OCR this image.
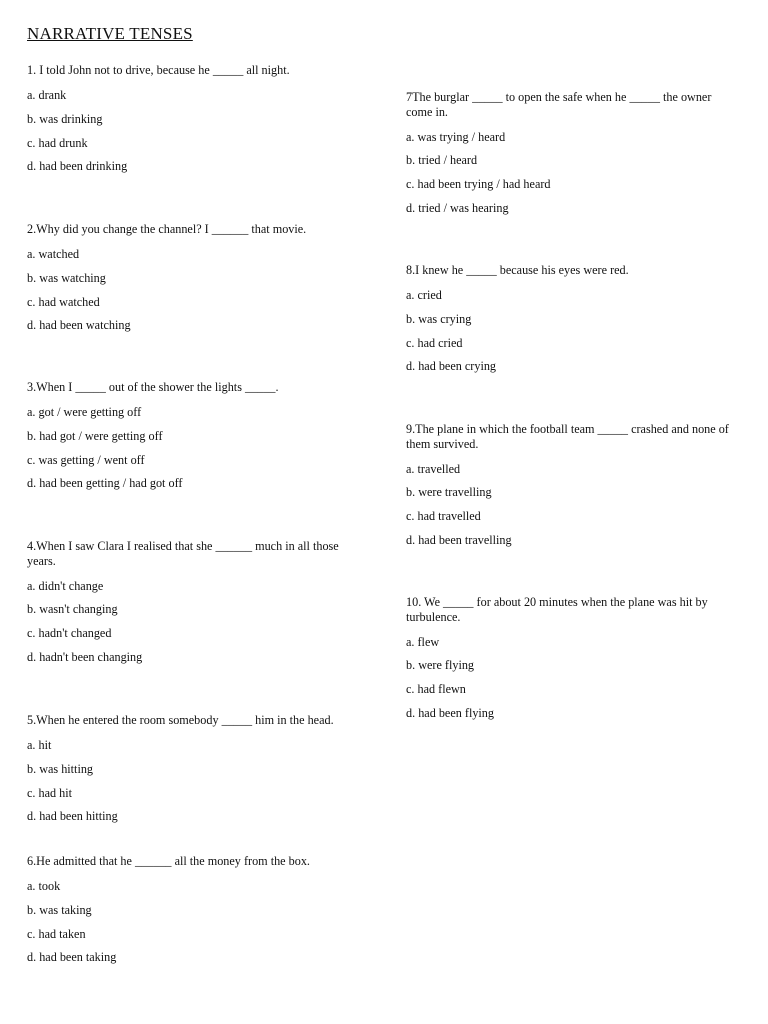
NARRATIVE TENSES

1. I told John not to drive, because he _____ all night.

a. drank
b. was drinking
c. had drunk
d. had been drinking

2.Why did you change the channel? I ______ that movie.

a. watched
b. was watching
c. had watched
d. had been watching

3.When I _____ out of the shower the lights _____.

a. got / were getting off
b. had got / were getting off
c. was getting / went off
d. had been getting / had got off

4.When I saw Clara I realised that she ______ much in all those years.

a. didn't change
b. wasn't changing
c. hadn't changed
d. hadn't been changing

5.When he entered the room somebody _____ him in the head.

a. hit
b. was hitting
c. had hit
d. had been hitting

6.He admitted that he ______ all the money from the box.

a. took
b. was taking
c. had taken
d. had been taking

7The burglar _____ to open the safe when he _____ the owner come in.

a. was trying / heard
b. tried / heard
c. had been trying / had heard
d. tried / was hearing

8.I knew he _____ because his eyes were red.

a. cried
b. was crying
c. had cried
d. had been crying

9.The plane in which the football team _____ crashed and none of them survived.

a. travelled
b. were travelling
c. had travelled
d. had been travelling

10. We _____ for about 20 minutes when the plane was hit by turbulence.

a. flew
b. were flying
c. had flewn
d. had been flying
